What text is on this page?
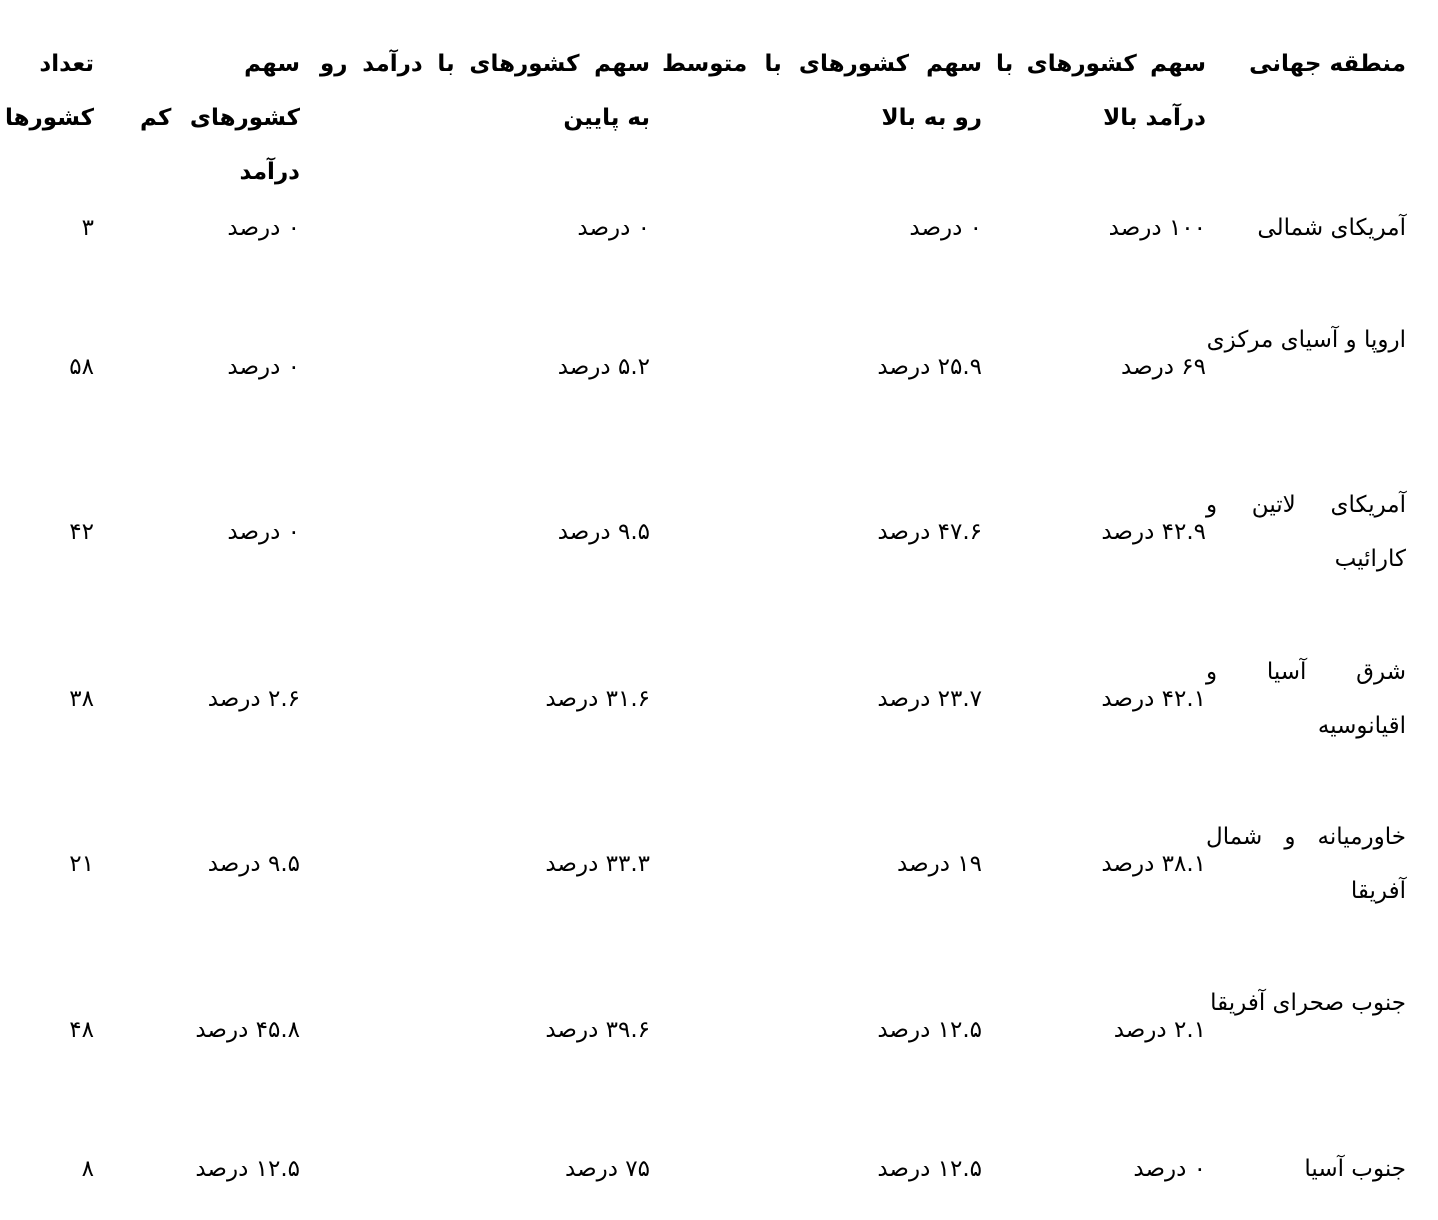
منطقه جهانی
سهم کشورهای با درآمد بالا
سهم کشورهای با متوسط رو به بالا
سهم کشورهای با درآمد رو به پایین
سهم کشورهای کم درآمد
تعداد کشورها
آمریکای شمالی
۱۰۰ درصد
۰ درصد
۰ درصد
۰ درصد
۳
اروپا و آسیای مرکزی
۶۹ درصد
۲۵.۹ درصد
۵.۲ درصد
۰ درصد
۵۸
آمریکای لاتین و کارائیب
۴۲.۹ درصد
۴۷.۶ درصد
۹.۵ درصد
۰ درصد
۴۲
شرق آسیا و اقیانوسیه
۴۲.۱ درصد
۲۳.۷ درصد
۳۱.۶ درصد
۲.۶ درصد
۳۸
خاورمیانه و شمال آفریقا
۳۸.۱ درصد
۱۹ درصد
۳۳.۳ درصد
۹.۵ درصد
۲۱
جنوب صحرای آفریقا
۲.۱ درصد
۱۲.۵ درصد
۳۹.۶ درصد
۴۵.۸ درصد
۴۸
جنوب آسیا
۰ درصد
۱۲.۵ درصد
۷۵ درصد
۱۲.۵ درصد
۸
